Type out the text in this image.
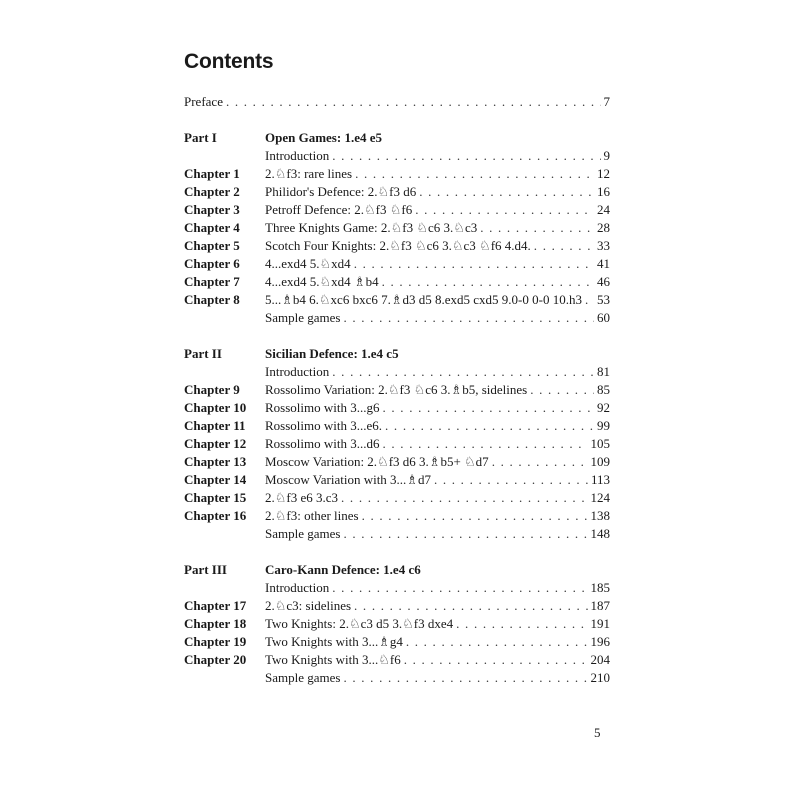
Contents
Preface . . .	7
Part I	Open Games: 1.e4 e5
Introduction . . .	9
Chapter 1 2.♘f3: rare lines . . .	12
Chapter 2 Philidor's Defence: 2.♘f3 d6 . . .	16
Chapter 3 Petroff Defence: 2.♘f3 ♘f6 . . .	24
Chapter 4 Three Knights Game: 2.♘f3 ♘c6 3.♘c3 . . .	28
Chapter 5 Scotch Four Knights: 2.♘f3 ♘c6 3.♘c3 ♘f6 4.d4. . . .	33
Chapter 6 4...exd4 5.♘xd4 . . .	41
Chapter 7 4...exd4 5.♘xd4 ♗b4 . . .	46
Chapter 8 5...♗b4 6.♘xc6 bxc6 7.♗d3 d5 8.exd5 cxd5 9.0-0 0-0 10.h3 . . . 53
Sample games . . .	60
Part II	Sicilian Defence: 1.e4 c5
Introduction . . .	81
Chapter 9 Rossolimo Variation: 2.♘f3 ♘c6 3.♗b5, sidelines . . .	85
Chapter 10 Rossolimo with 3...g6 . . .	92
Chapter 11 Rossolimo with 3...e6. . . .	99
Chapter 12 Rossolimo with 3...d6 . . .	105
Chapter 13 Moscow Variation: 2.♘f3 d6 3.♗b5+ ♘d7 . . .	109
Chapter 14 Moscow Variation with 3...♗d7 . . .	113
Chapter 15 2.♘f3 e6 3.c3 . . .	124
Chapter 16 2.♘f3: other lines . . .	138
Sample games . . .	148
Part III	Caro-Kann Defence: 1.e4 c6
Introduction . . .	185
Chapter 17 2.♘c3: sidelines . . .	187
Chapter 18 Two Knights: 2.♘c3 d5 3.♘f3 dxe4 . . .	191
Chapter 19 Two Knights with 3...♗g4 . . .	196
Chapter 20 Two Knights with 3...♘f6 . . .	204
Sample games . . .	210
5
